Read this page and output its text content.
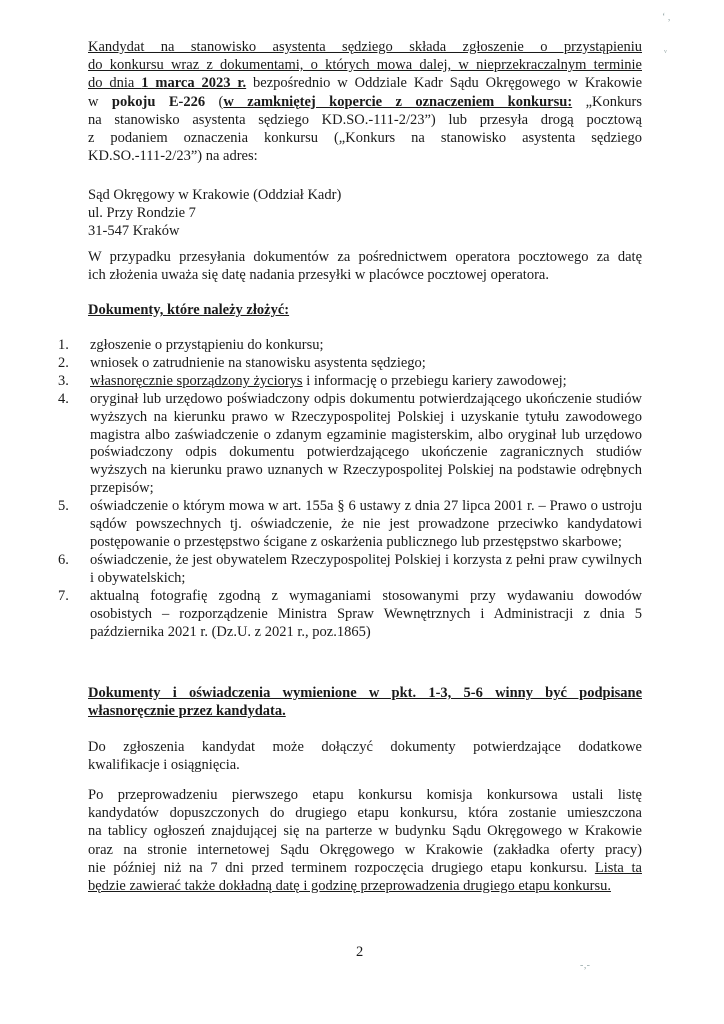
Kandydat na stanowisko asystenta sędziego składa zgłoszenie o przystąpieniu
do konkursu wraz z dokumentami, o których mowa dalej, w nieprzekraczalnym terminie
do dnia 1 marca 2023 r. bezpośrednio w Oddziale Kadr Sądu Okręgowego w Krakowie
w pokoju E-226 (w zamkniętej kopercie z oznaczeniem konkursu: „Konkurs
na stanowisko asystenta sędziego KD.SO.-111-2/23”) lub przesyła drogą pocztową
z podaniem oznaczenia konkursu („Konkurs na stanowisko asystenta sędziego
KD.SO.-111-2/23”) na adres:
Sąd Okręgowy w Krakowie (Oddział Kadr)
ul. Przy Rondzie 7
31-547 Kraków
W przypadku przesyłania dokumentów za pośrednictwem operatora pocztowego za datę
ich złożenia uważa się datę nadania przesyłki w placówce pocztowej operatora.
Dokumenty, które należy złożyć:
1. zgłoszenie o przystąpieniu do konkursu;
2. wniosek o zatrudnienie na stanowisku asystenta sędziego;
3. własnoręcznie sporządzony życiorys i informację o przebiegu kariery zawodowej;
4. oryginał lub urzędowo poświadczony odpis dokumentu potwierdzającego ukończenie studiów wyższych na kierunku prawo w Rzeczypospolitej Polskiej i uzyskanie tytułu zawodowego magistra albo zaświadczenie o zdanym egzaminie magisterskim, albo oryginał lub urzędowo poświadczony odpis dokumentu potwierdzającego ukończenie zagranicznych studiów wyższych na kierunku prawo uznanych w Rzeczypospolitej Polskiej na podstawie odrębnych przepisów;
5. oświadczenie o którym mowa w art. 155a § 6 ustawy z dnia 27 lipca 2001 r. – Prawo o ustroju sądów powszechnych tj. oświadczenie, że nie jest prowadzone przeciwko kandydatowi postępowanie o przestępstwo ścigane z oskarżenia publicznego lub przestępstwo skarbowe;
6. oświadczenie, że jest obywatelem Rzeczypospolitej Polskiej i korzysta z pełni praw cywilnych i obywatelskich;
7. aktualną fotografię zgodną z wymaganiami stosowanymi przy wydawaniu dowodów osobistych – rozporządzenie Ministra Spraw Wewnętrznych i Administracji z dnia 5 października 2021 r. (Dz.U. z 2021 r., poz.1865)
Dokumenty i oświadczenia wymienione w pkt. 1-3, 5-6 winny być podpisane
własnoręcznie przez kandydata.
Do zgłoszenia kandydat może dołączyć dokumenty potwierdzające dodatkowe
kwalifikacje i osiągnięcia.
Po przeprowadzeniu pierwszego etapu konkursu komisja konkursowa ustali listę
kandydatów dopuszczonych do drugiego etapu konkursu, która zostanie umieszczona
na tablicy ogłoszeń znajdującej się na parterze w budynku Sądu Okręgowego w Krakowie
oraz na stronie internetowej Sądu Okręgowego w Krakowie (zakładka oferty pracy)
nie później niż na 7 dni przed terminem rozpoczęcia drugiego etapu konkursu. Lista ta
będzie zawierać także dokładną datę i godzinę przeprowadzenia drugiego etapu konkursu.
2
‘ ,
ᵥ
-‚-
